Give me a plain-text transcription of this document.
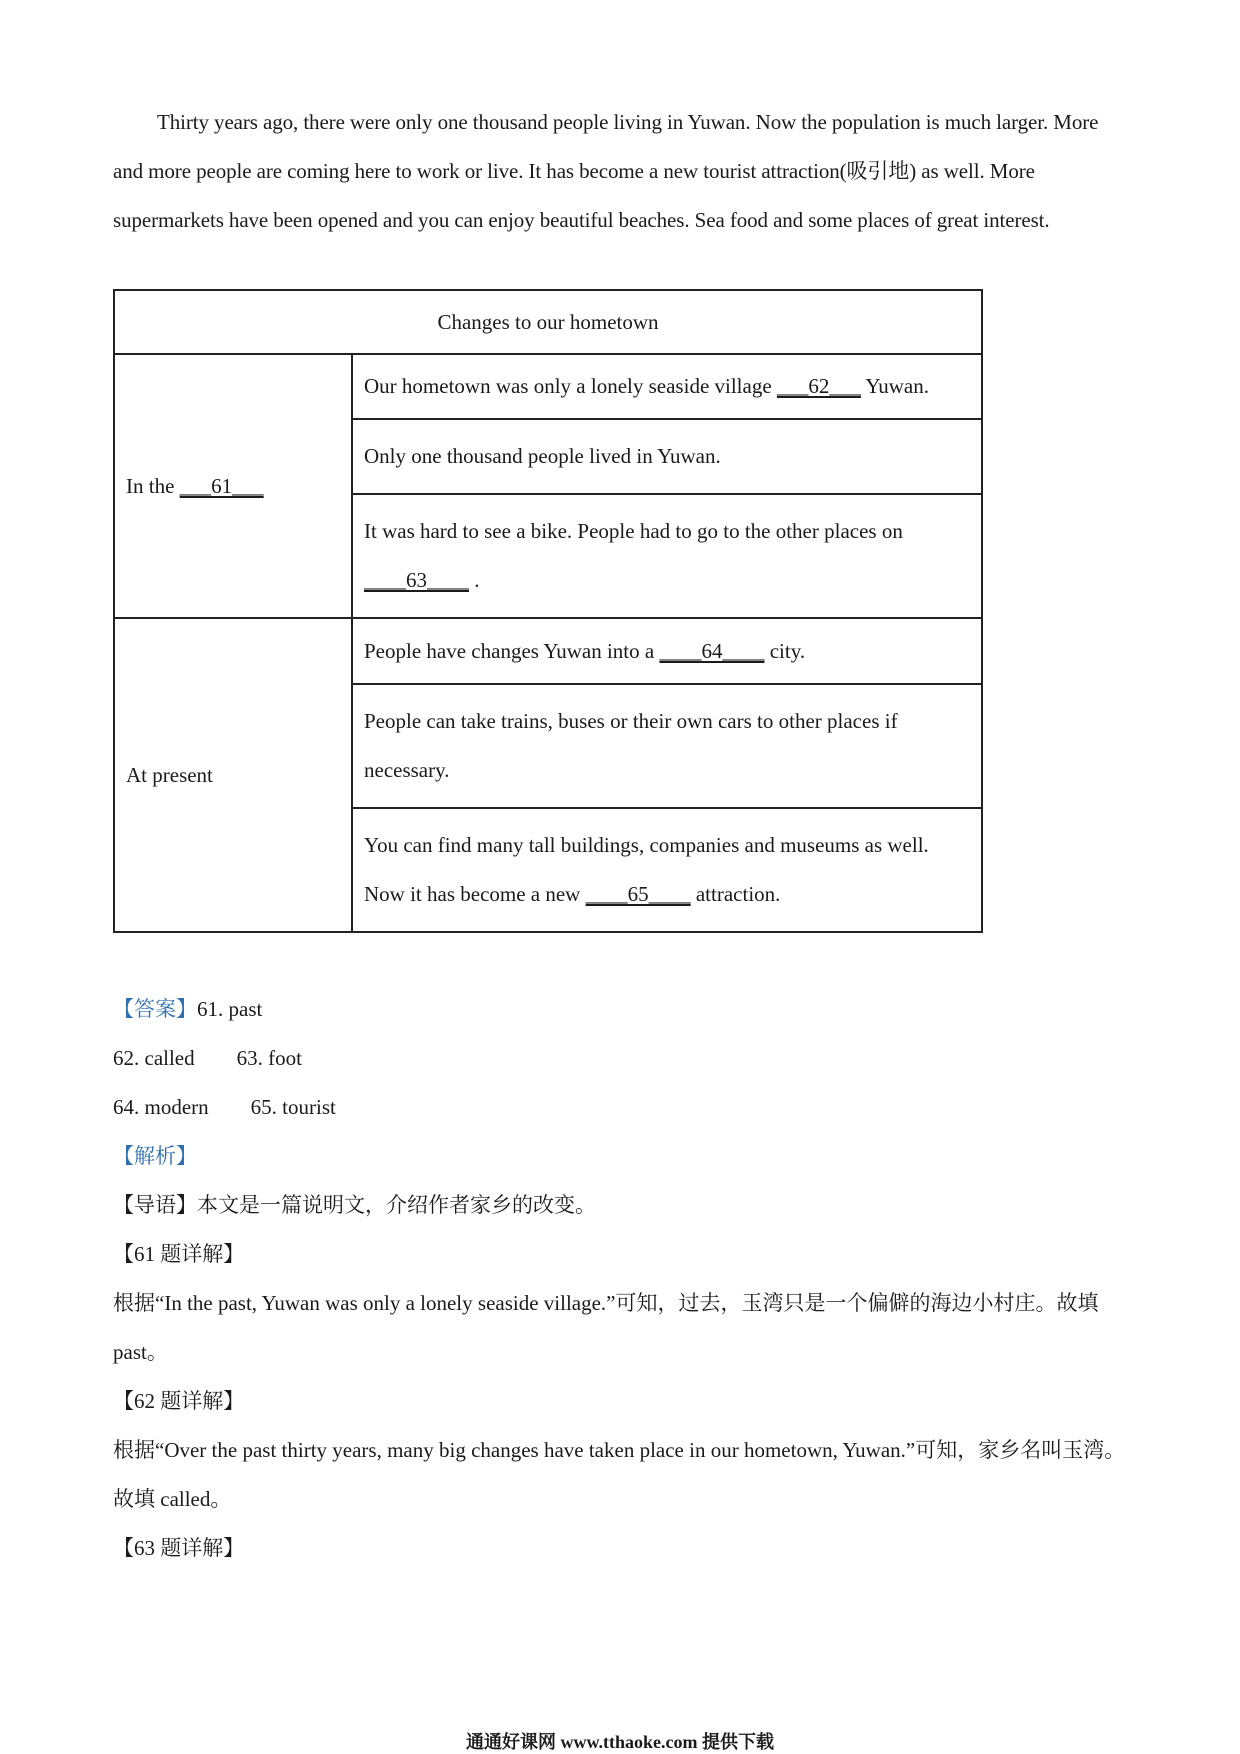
Thirty years ago, there were only one thousand people living in Yuwan. Now the population is much larger. More and more people are coming here to work or live. It has become a new tourist attraction(吸引地) as well. More supermarkets have been opened and you can enjoy beautiful beaches. Sea food and some places of great interest.

Changes to our hometown	
In the ___61___	Our hometown was only a lonely seaside village ___62___ Yuwan.
	Only one thousand people lived in Yuwan.
	It was hard to see a bike. People had to go to the other places on
____63____ .
At present	People have changes Yuwan into a ____64____ city.
	People can take trains, buses or their own cars to other places if necessary.
	You can find many tall buildings, companies and museums as well.
Now it has become a new ____65____ attraction.
【答案】61. past
62. called 63. foot
64. modern 65. tourist
【解析】
【导语】本文是一篇说明文，介绍作者家乡的改变。
【61 题详解】
根据“In the past, Yuwan was only a lonely seaside village.”可知，过去，玉湾只是一个偏僻的海边小村庄。故填 past。
【62 题详解】
根据“Over the past thirty years, many big changes have taken place in our hometown, Yuwan.”可知，家乡名叫玉湾。故填 called。
【63 题详解】
通通好课网 www.tthaoke.com 提供下载
